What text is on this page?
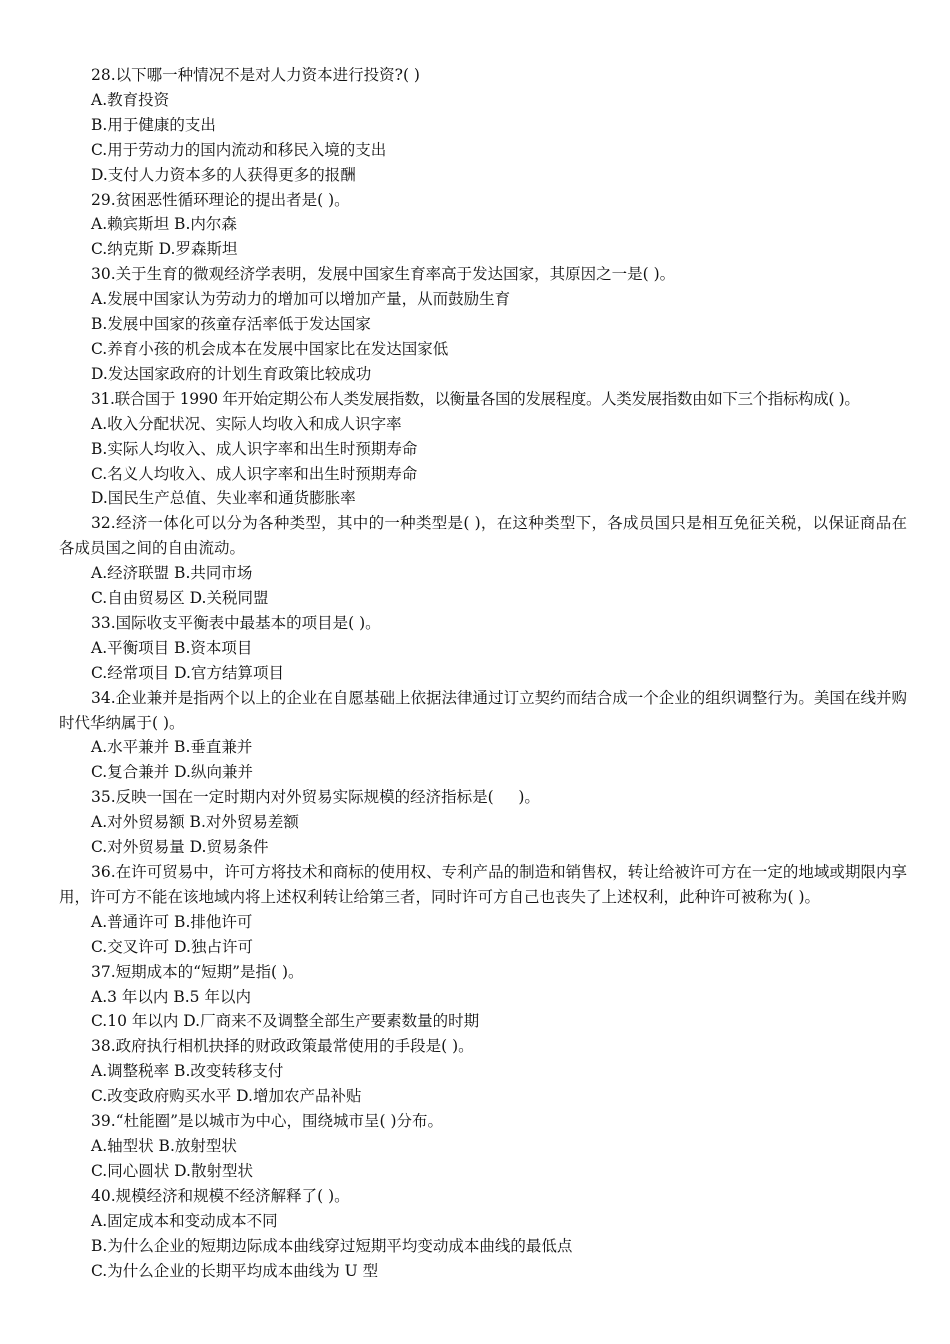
28.以下哪一种情况不是对人力资本进行投资?( )

A.教育投资

B.用于健康的支出

C.用于劳动力的国内流动和移民入境的支出

D.支付人力资本多的人获得更多的报酬

29.贫困恶性循环理论的提出者是( )。

A.赖宾斯坦 B.内尔森

C.纳克斯 D.罗森斯坦

30.关于生育的微观经济学表明，发展中国家生育率高于发达国家，其原因之一是( )。

A.发展中国家认为劳动力的增加可以增加产量，从而鼓励生育

B.发展中国家的孩童存活率低于发达国家

C.养育小孩的机会成本在发展中国家比在发达国家低

D.发达国家政府的计划生育政策比较成功

31.联合国于 1990 年开始定期公布人类发展指数，以衡量各国的发展程度。人类发展指数由如下三个指标构成( )。

A.收入分配状况、实际人均收入和成人识字率

B.实际人均收入、成人识字率和出生时预期寿命

C.名义人均收入、成人识字率和出生时预期寿命

D.国民生产总值、失业率和通货膨胀率

32.经济一体化可以分为各种类型，其中的一种类型是( )，在这种类型下，各成员国只是相互免征关税，以保证商品在各成员国之间的自由流动。

A.经济联盟 B.共同市场

C.自由贸易区 D.关税同盟

33.国际收支平衡表中最基本的项目是( )。

A.平衡项目 B.资本项目

C.经常项目 D.官方结算项目

34.企业兼并是指两个以上的企业在自愿基础上依据法律通过订立契约而结合成一个企业的组织调整行为。美国在线并购时代华纳属于( )。

A.水平兼并 B.垂直兼并

C.复合兼并 D.纵向兼并

35.反映一国在一定时期内对外贸易实际规模的经济指标是(     )。

A.对外贸易额 B.对外贸易差额

C.对外贸易量 D.贸易条件

36.在许可贸易中，许可方将技术和商标的使用权、专利产品的制造和销售权，转让给被许可方在一定的地域或期限内享用，许可方不能在该地域内将上述权利转让给第三者，同时许可方自己也丧失了上述权利，此种许可被称为( )。

A.普通许可 B.排他许可

C.交叉许可 D.独占许可

37.短期成本的“短期”是指( )。

A.3 年以内 B.5 年以内

C.10 年以内 D.厂商来不及调整全部生产要素数量的时期

38.政府执行相机抉择的财政政策最常使用的手段是( )。

A.调整税率 B.改变转移支付

C.改变政府购买水平 D.增加农产品补贴

39.“杜能圈”是以城市为中心，围绕城市呈( )分布。

A.轴型状 B.放射型状

C.同心圆状 D.散射型状

40.规模经济和规模不经济解释了( )。

A.固定成本和变动成本不同

B.为什么企业的短期边际成本曲线穿过短期平均变动成本曲线的最低点

C.为什么企业的长期平均成本曲线为 U 型
